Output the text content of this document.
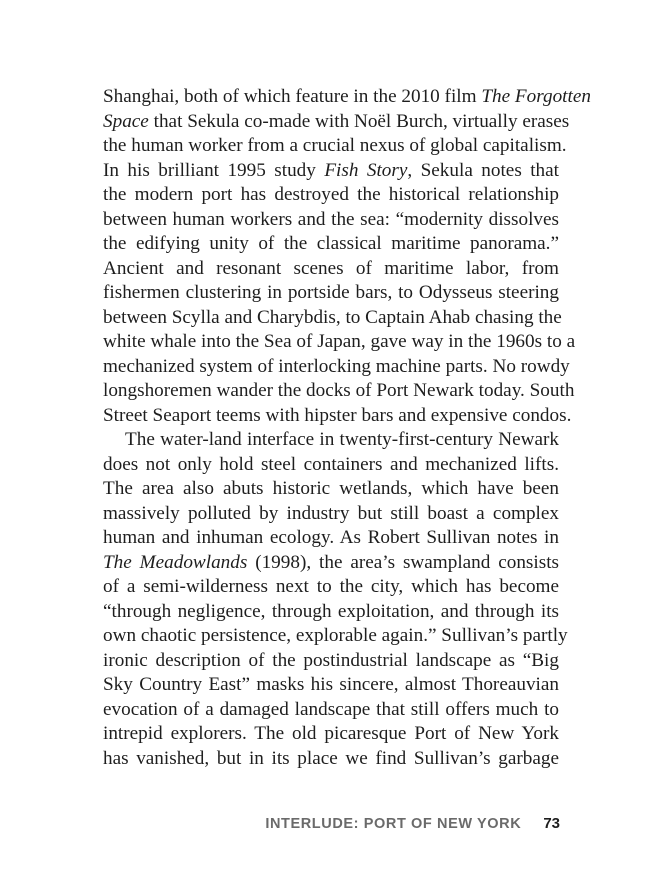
Shanghai, both of which feature in the 2010 film The Forgotten
Space that Sekula co-made with Noël Burch, virtually erases
the human worker from a crucial nexus of global capitalism.
In his brilliant 1995 study Fish Story, Sekula notes that
the modern port has destroyed the historical relationship
between human workers and the sea: “modernity dissolves
the edifying unity of the classical maritime panorama.”
Ancient and resonant scenes of maritime labor, from
fishermen clustering in portside bars, to Odysseus steering
between Scylla and Charybdis, to Captain Ahab chasing the
white whale into the Sea of Japan, gave way in the 1960s to a
mechanized system of interlocking machine parts. No rowdy
longshoremen wander the docks of Port Newark today. South
Street Seaport teems with hipster bars and expensive condos.

The water-land interface in twenty-first-century Newark
does not only hold steel containers and mechanized lifts.
The area also abuts historic wetlands, which have been
massively polluted by industry but still boast a complex
human and inhuman ecology. As Robert Sullivan notes in
The Meadowlands (1998), the area’s swampland consists
of a semi-wilderness next to the city, which has become
“through negligence, through exploitation, and through its
own chaotic persistence, explorable again.” Sullivan’s partly
ironic description of the postindustrial landscape as “Big
Sky Country East” masks his sincere, almost Thoreauvian
evocation of a damaged landscape that still offers much to
intrepid explorers. The old picaresque Port of New York
has vanished, but in its place we find Sullivan’s garbage

INTERLUDE: PORT OF NEW YORK 73
